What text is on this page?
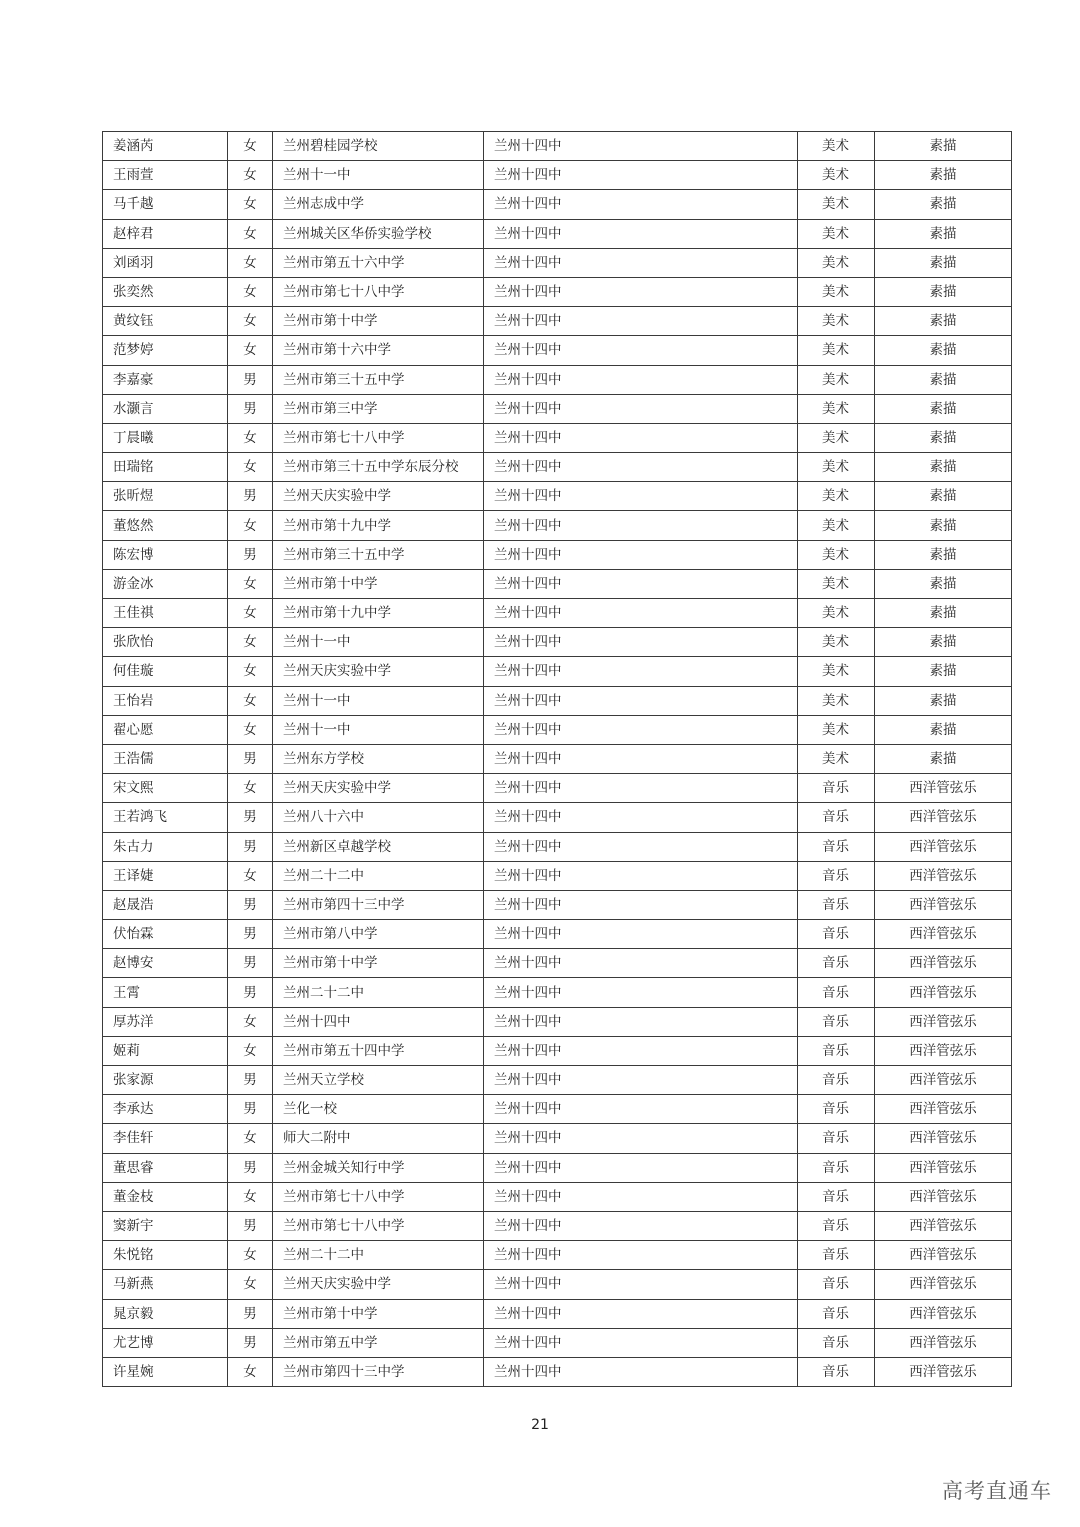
姜涵芮	女	兰州碧桂园学校	兰州十四中	美术	素描
王雨萱	女	兰州十一中	兰州十四中	美术	素描
马千越	女	兰州志成中学	兰州十四中	美术	素描
赵梓君	女	兰州城关区华侨实验学校	兰州十四中	美术	素描
刘函羽	女	兰州市第五十六中学	兰州十四中	美术	素描
张奕然	女	兰州市第七十八中学	兰州十四中	美术	素描
黄纹钰	女	兰州市第十中学	兰州十四中	美术	素描
范梦婷	女	兰州市第十六中学	兰州十四中	美术	素描
李嘉豪	男	兰州市第三十五中学	兰州十四中	美术	素描
水灏言	男	兰州市第三中学	兰州十四中	美术	素描
丁晨曦	女	兰州市第七十八中学	兰州十四中	美术	素描
田瑞铭	女	兰州市第三十五中学东辰分校	兰州十四中	美术	素描
张昕煜	男	兰州天庆实验中学	兰州十四中	美术	素描
董悠然	女	兰州市第十九中学	兰州十四中	美术	素描
陈宏博	男	兰州市第三十五中学	兰州十四中	美术	素描
游金冰	女	兰州市第十中学	兰州十四中	美术	素描
王佳祺	女	兰州市第十九中学	兰州十四中	美术	素描
张欣怡	女	兰州十一中	兰州十四中	美术	素描
何佳璇	女	兰州天庆实验中学	兰州十四中	美术	素描
王怡岩	女	兰州十一中	兰州十四中	美术	素描
翟心愿	女	兰州十一中	兰州十四中	美术	素描
王浩儒	男	兰州东方学校	兰州十四中	美术	素描
宋文熙	女	兰州天庆实验中学	兰州十四中	音乐	西洋管弦乐
王若鸿飞	男	兰州八十六中	兰州十四中	音乐	西洋管弦乐
朱古力	男	兰州新区卓越学校	兰州十四中	音乐	西洋管弦乐
王译婕	女	兰州二十二中	兰州十四中	音乐	西洋管弦乐
赵晟浩	男	兰州市第四十三中学	兰州十四中	音乐	西洋管弦乐
伏怡霖	男	兰州市第八中学	兰州十四中	音乐	西洋管弦乐
赵博安	男	兰州市第十中学	兰州十四中	音乐	西洋管弦乐
王霄	男	兰州二十二中	兰州十四中	音乐	西洋管弦乐
厚苏洋	女	兰州十四中	兰州十四中	音乐	西洋管弦乐
姬莉	女	兰州市第五十四中学	兰州十四中	音乐	西洋管弦乐
张家源	男	兰州天立学校	兰州十四中	音乐	西洋管弦乐
李承达	男	兰化一校	兰州十四中	音乐	西洋管弦乐
李佳轩	女	师大二附中	兰州十四中	音乐	西洋管弦乐
董思睿	男	兰州金城关知行中学	兰州十四中	音乐	西洋管弦乐
董金枝	女	兰州市第七十八中学	兰州十四中	音乐	西洋管弦乐
窦新宇	男	兰州市第七十八中学	兰州十四中	音乐	西洋管弦乐
朱悦铭	女	兰州二十二中	兰州十四中	音乐	西洋管弦乐
马新燕	女	兰州天庆实验中学	兰州十四中	音乐	西洋管弦乐
晁京毅	男	兰州市第十中学	兰州十四中	音乐	西洋管弦乐
尤艺博	男	兰州市第五中学	兰州十四中	音乐	西洋管弦乐
许星婉	女	兰州市第四十三中学	兰州十四中	音乐	西洋管弦乐
21
高考直通车
